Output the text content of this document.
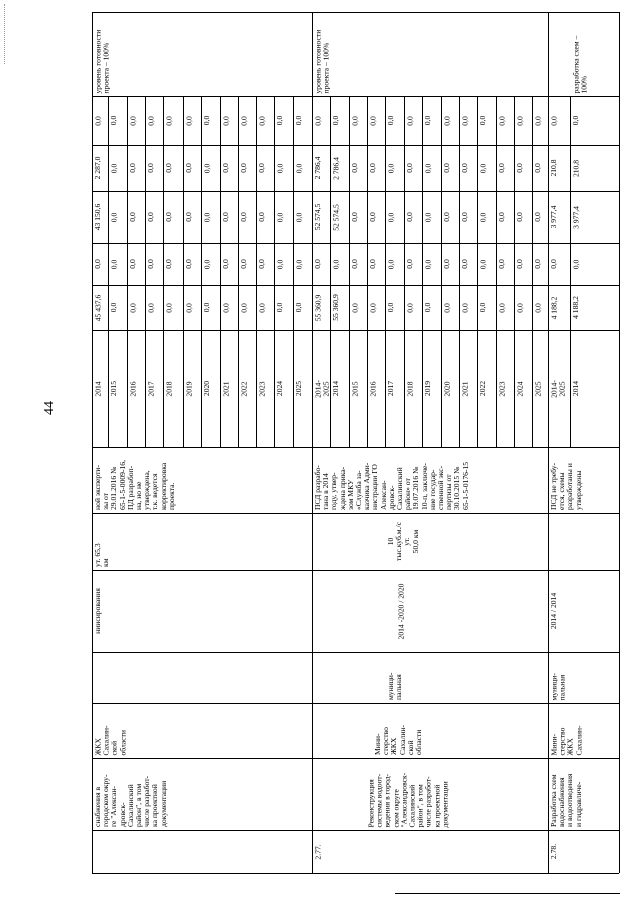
44
снабжения в
городском окру-
ге "Алексан-
дровск-
Сахалинский
район", в том
числе разработ-
ка проектной
документации
ЖКХ
Сахалин-
ской
области
ниисирования
ут. 65,3
км
ной эксперти-
зы от
29.01.2016 №
65-1-5-0009-16,
ПД разрабоп-
на, но не
утверждена,
т.к. ведется
корректировка
проекта.
уровень готовности
проекта – 100%
2014
45 437,6
0,0
43 150,6
2 287,0
0,0
2015
0,0
0,0
0,0
0,0
0,0
2016
0,0
0,0
0,0
0,0
0,0
2017
0,0
0,0
0,0
0,0
0,0
2018
0,0
0,0
0,0
0,0
0,0
2019
0,0
0,0
0,0
0,0
0,0
2020
0,0
0,0
0,0
0,0
0,0
2021
0,0
0,0
0,0
0,0
0,0
2022
0,0
0,0
0,0
0,0
0,0
2023
0,0
0,0
0,0
0,0
0,0
2024
0,0
0,0
0,0
0,0
0,0
2025
0,0
0,0
0,0
0,0
0,0
2.77.
Реконструкция
системы водоот-
ведения в город-
ском округе
"Александровск-
Сахалинский
район", в том
числе разработ-
ка проектной
документации
Мини-
стерство
ЖКХ
Сахалин-
ской
области
муници-
пальная
2014 -2020 / 2020
10
тыс.куб.м./с
ут.
50,0 км
ПСД разрабо-
тана в 2014
году, утвер-
ждена прика-
зом МКУ
«Служба за-
казчика Адми-
нистрации ГО
Алексан-
дровск-
Сахалинский
район» от
19.07.2016 №
10-п, заключе-
ние государ-
ственной экс-
пертизы от
30.10.2015 №
65-1-5-0176-15
уровень готовности
проекта – 100%
2014-
2025
55 360,9
0,0
52 574,5
2 786,4
0,0
2014
55 360,9
0,0
52 574,5
2 786,4
0,0
2015
0,0
0,0
0,0
0,0
0,0
2016
0,0
0,0
0,0
0,0
0,0
2017
0,0
0,0
0,0
0,0
0,0
2018
0,0
0,0
0,0
0,0
0,0
2019
0,0
0,0
0,0
0,0
0,0
2020
0,0
0,0
0,0
0,0
0,0
2021
0,0
0,0
0,0
0,0
0,0
2022
0,0
0,0
0,0
0,0
0,0
2023
0,0
0,0
0,0
0,0
0,0
2024
0,0
0,0
0,0
0,0
0,0
2025
0,0
0,0
0,0
0,0
0,0
2.78.
Разработка схем
водоснабжения
и водоотведения
и гидравличе-
Мини-
стерство
ЖКХ
Сахалин-
муници-
пальная
2014 / 2014
ПСД не требу-
ется, схемы
разработаны и
утверждены
разработка схем –
100%
2014-
2025
4 188,2
0,0
3 977,4
210,8
0,0
2014
4 188,2
0,0
3 977,4
210,8
0,0
